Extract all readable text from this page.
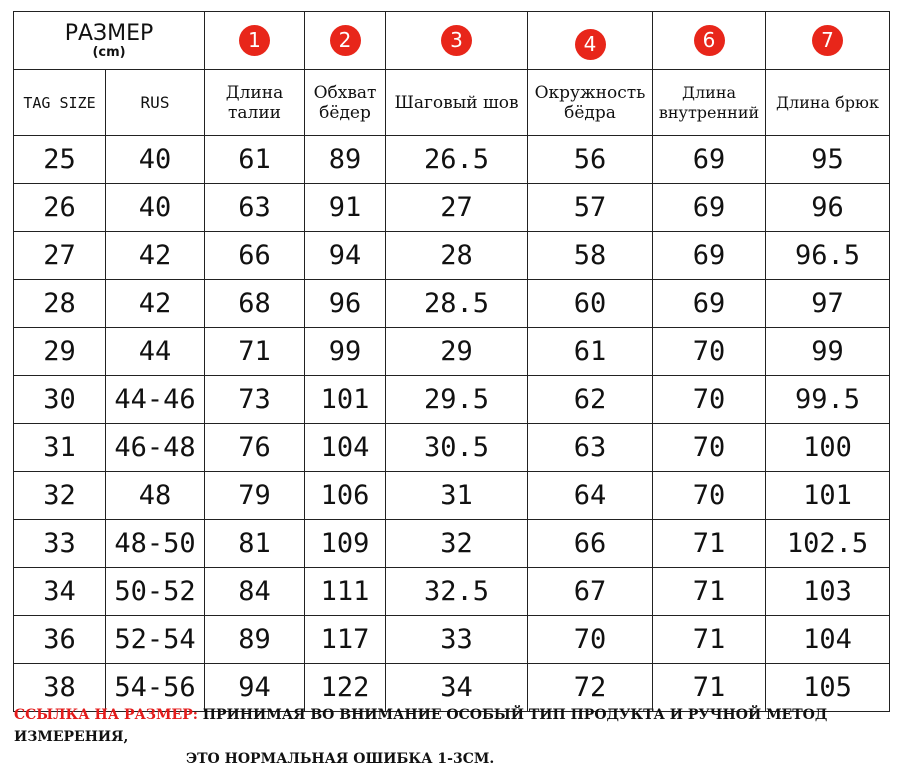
РАЗМЕР
(cm)		1	2	3	4	6	7
TAG SIZE	RUS	Длина талии	Обхват бёдер	Шаговый шов	Окружность бёдра	Длина внутренний	Длина брюк
25	40	61	89	26.5	56	69	95
26	40	63	91	27	57	69	96
27	42	66	94	28	58	69	96.5
28	42	68	96	28.5	60	69	97
29	44	71	99	29	61	70	99
30	44-46	73	101	29.5	62	70	99.5
31	46-48	76	104	30.5	63	70	100
32	48	79	106	31	64	70	101
33	48-50	81	109	32	66	71	102.5
34	50-52	84	111	32.5	67	71	103
36	52-54	89	117	33	70	71	104
38	54-56	94	122	34	72	71	105
ССЫЛКА НА РАЗМЕР: ПРИНИМАЯ ВО ВНИМАНИЕ ОСОБЫЙ ТИП ПРОДУКТА И РУЧНОЙ МЕТОД ИЗМЕРЕНИЯ,
ЭТО НОРМАЛЬНАЯ ОШИБКА 1-3СМ.
